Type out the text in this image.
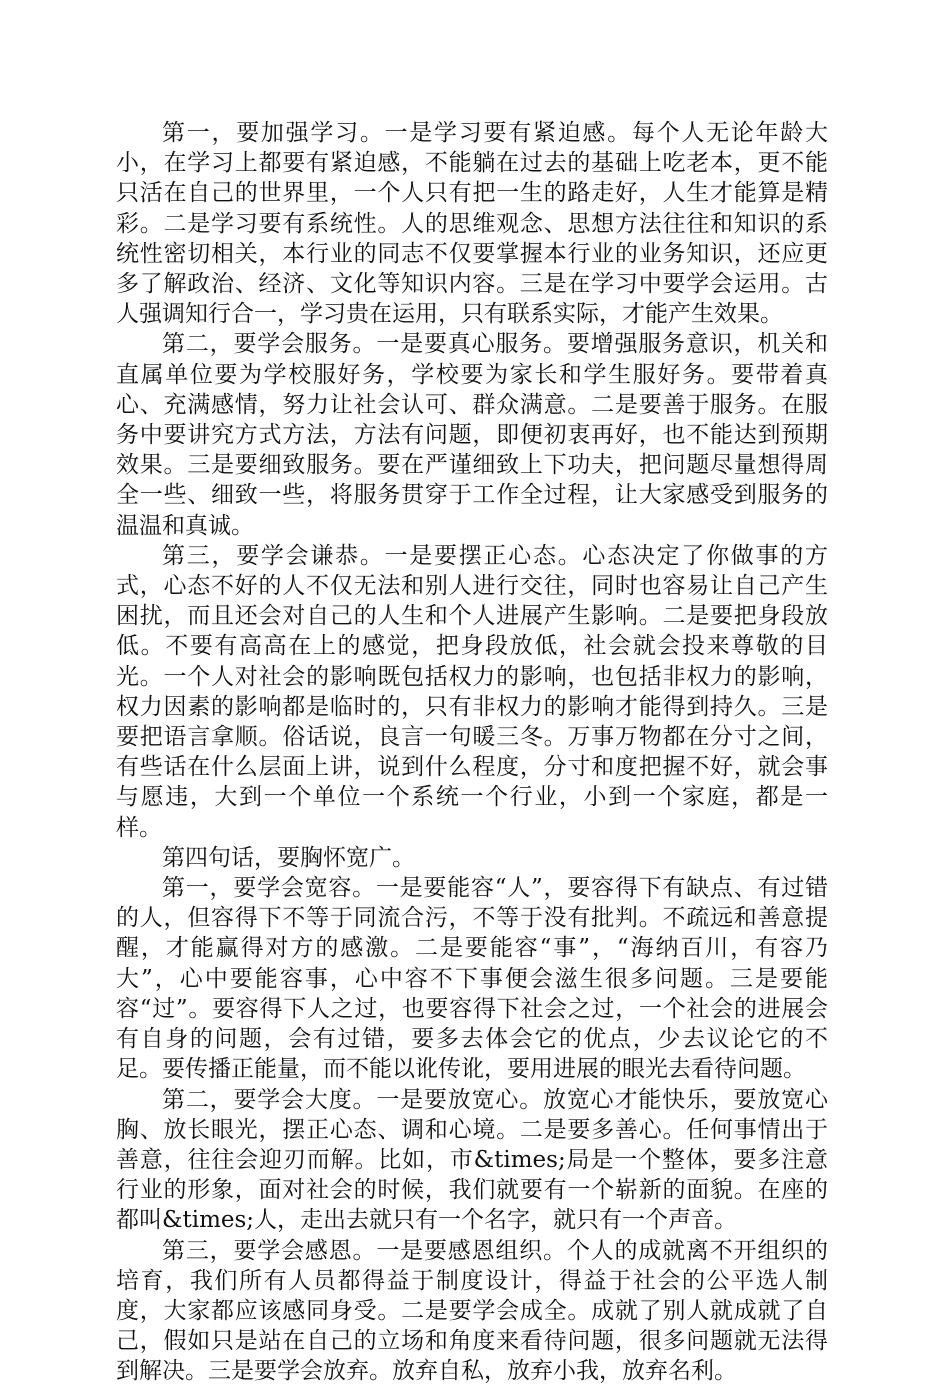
第一，要加强学习。一是学习要有紧迫感。每个人无论年龄大小，在学习上都要有紧迫感，不能躺在过去的基础上吃老本，更不能只活在自己的世界里，一个人只有把一生的路走好，人生才能算是精彩。二是学习要有系统性。人的思维观念、思想方法往往和知识的系统性密切相关，本行业的同志不仅要掌握本行业的业务知识，还应更多了解政治、经济、文化等知识内容。三是在学习中要学会运用。古人强调知行合一，学习贵在运用，只有联系实际，才能产生效果。

第二，要学会服务。一是要真心服务。要增强服务意识，机关和直属单位要为学校服好务，学校要为家长和学生服好务。要带着真心、充满感情，努力让社会认可、群众满意。二是要善于服务。在服务中要讲究方式方法，方法有问题，即便初衷再好，也不能达到预期效果。三是要细致服务。要在严谨细致上下功夫，把问题尽量想得周全一些、细致一些，将服务贯穿于工作全过程，让大家感受到服务的温温和真诚。

第三，要学会谦恭。一是要摆正心态。心态决定了你做事的方式，心态不好的人不仅无法和别人进行交往，同时也容易让自己产生困扰，而且还会对自己的人生和个人进展产生影响。二是要把身段放低。不要有高高在上的感觉，把身段放低，社会就会投来尊敬的目光。一个人对社会的影响既包括权力的影响，也包括非权力的影响，权力因素的影响都是临时的，只有非权力的影响才能得到持久。三是要把语言拿顺。俗话说，良言一句暖三冬。万事万物都在分寸之间，有些话在什么层面上讲，说到什么程度，分寸和度把握不好，就会事与愿违，大到一个单位一个系统一个行业，小到一个家庭，都是一样。

第四句话，要胸怀宽广。

第一，要学会宽容。一是要能容“人”，要容得下有缺点、有过错的人，但容得下不等于同流合污，不等于没有批判。不疏远和善意提醒，才能赢得对方的感激。二是要能容“事”，“海纳百川，有容乃大”，心中要能容事，心中容不下事便会滋生很多问题。三是要能容“过”。要容得下人之过，也要容得下社会之过，一个社会的进展会有自身的问题，会有过错，要多去体会它的优点，少去议论它的不足。要传播正能量，而不能以讹传讹，要用进展的眼光去看待问题。

第二，要学会大度。一是要放宽心。放宽心才能快乐，要放宽心胸、放长眼光，摆正心态、调和心境。二是要多善心。任何事情出于善意，往往会迎刃而解。比如，市&times;局是一个整体，要多注意行业的形象，面对社会的时候，我们就要有一个崭新的面貌。在座的都叫&times;人，走出去就只有一个名字，就只有一个声音。

第三，要学会感恩。一是要感恩组织。个人的成就离不开组织的培育，我们所有人员都得益于制度设计，得益于社会的公平选人制度，大家都应该感同身受。二是要学会成全。成就了别人就成就了自己，假如只是站在自己的立场和角度来看待问题，很多问题就无法得到解决。三是要学会放弃。放弃自私，放弃小我，放弃名利。
